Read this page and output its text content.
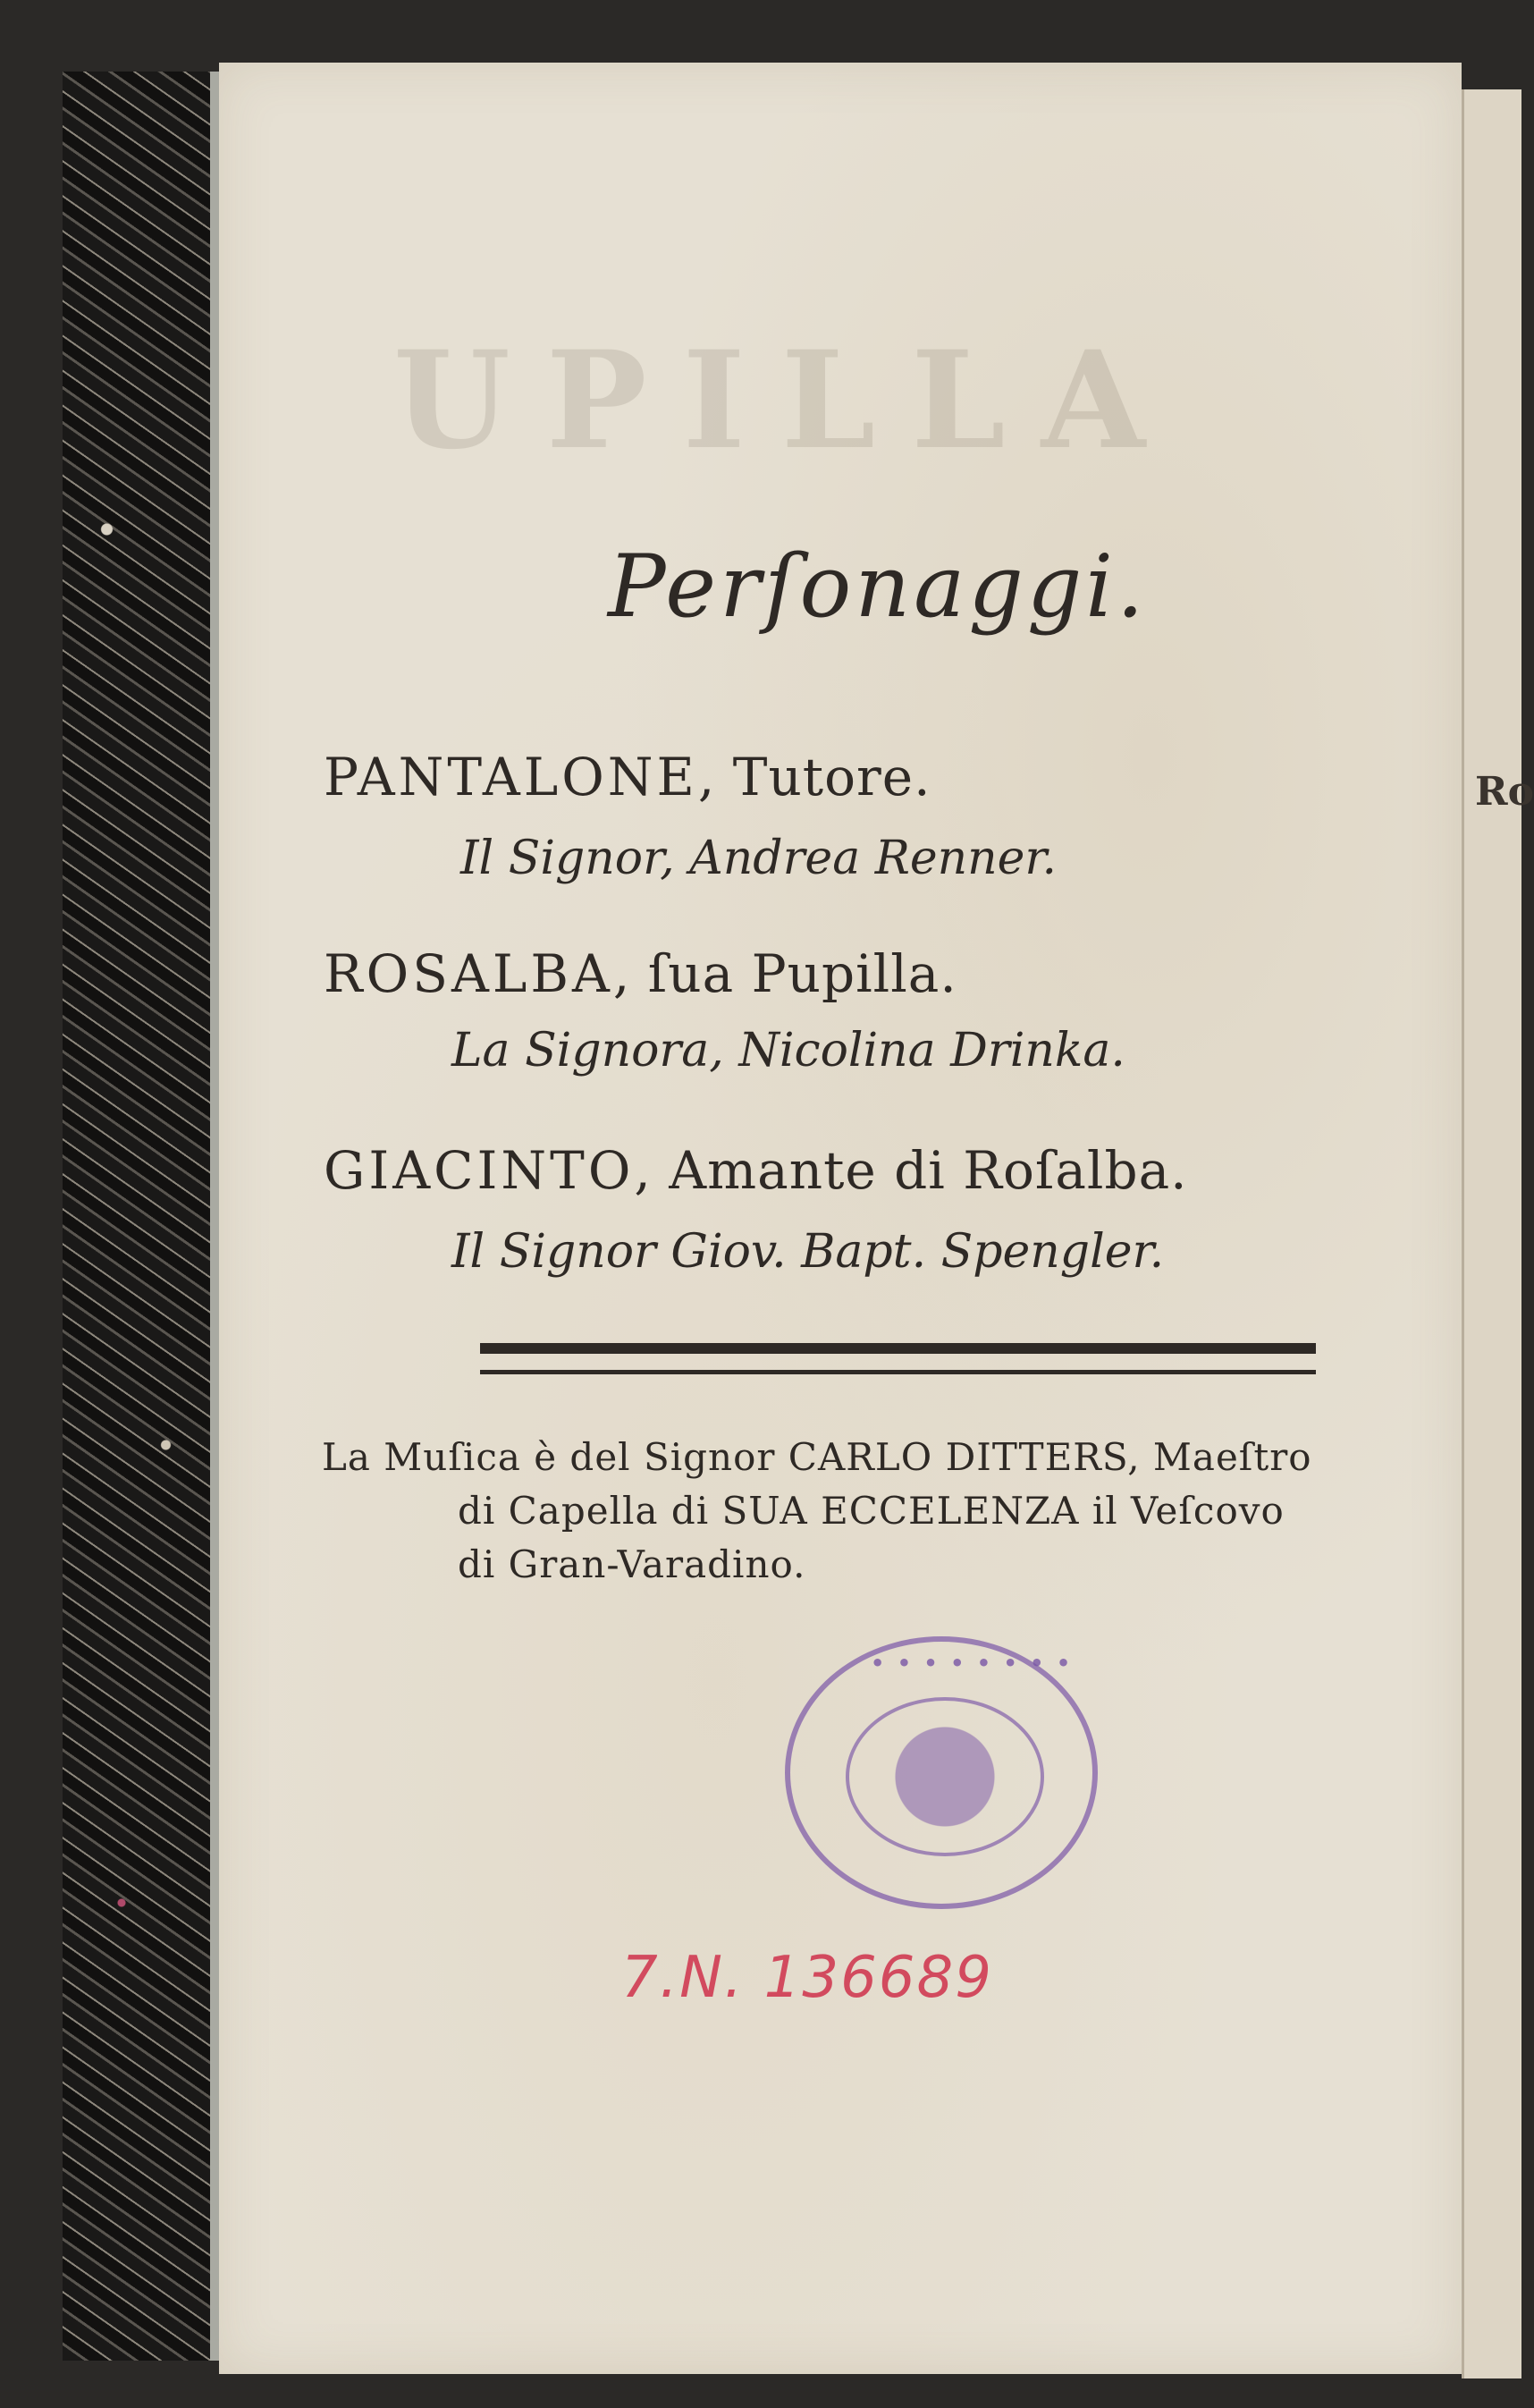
UPILLA
Ro
Perſonaggi.
PANTALONE, Tutore.
Il Signor, Andrea Renner.
ROSALBA, ſua Pupilla.
La Signora, Nicolina Drinka.
GIACINTO, Amante di Roſalba.
Il Signor Giov. Bapt. Spengler.
La Muſica è del Signor CARLO DITTERS, Maeſtro
di Capella di SUA ECCELENZA il Veſcovo
di Gran-Varadino.
• • • • • • • •
7.N. 136689
